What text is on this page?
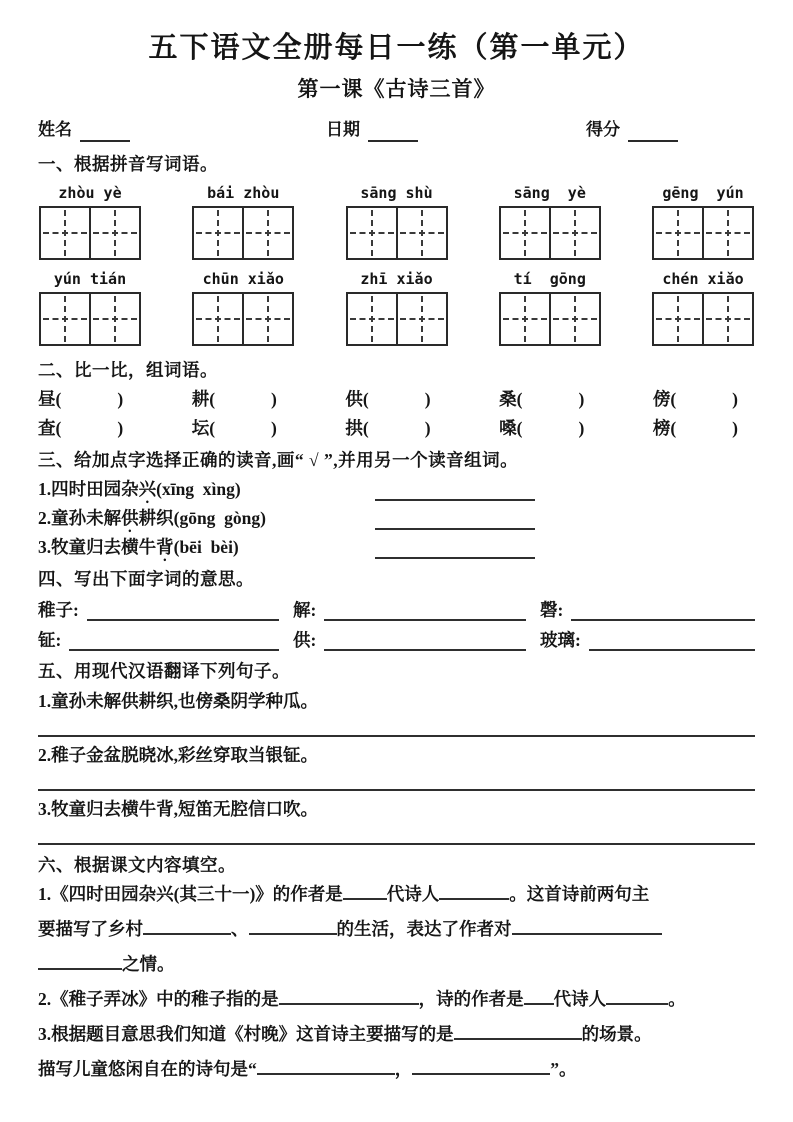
五下语文全册每日一练（第一单元）
第一课《古诗三首》
姓名	日期	得分
一、根据拼音写词语。
zhòu yè	bái zhòu	sāng shù	sāng  yè	gēng  yún
yún tián	chūn xiǎo	zhī xiǎo	tí  gōng	chén xiǎo
二、比一比，组词语。
昼 (	)	耕 (	)	供 (	)	桑 (	)	傍 (	)
查 (	)	坛 (	)	拱 (	)	嗓 (	)	榜 (	)
三、给加点字选择正确的读音,画“ √ ”,并用另一个读音组词。
1.四时田园杂兴(xīng  xìng)
2.童孙未解供耕织(gōng  gòng)
3.牧童归去横牛背(bēi  bèi)
四、写出下面字词的意思。
稚子:	解:	磬:
钲:	供:	玻璃:
五、用现代汉语翻译下列句子。
1.童孙未解供耕织,也傍桑阴学种瓜。
2.稚子金盆脱晓冰,彩丝穿取当银钲。
3.牧童归去横牛背,短笛无腔信口吹。
六、根据课文内容填空。
1.《四时田园杂兴(其三十一)》的作者是	代诗人	。这首诗前两句主
要描写了乡村	、	的生活，表达了作者对
之情。
2.《稚子弄冰》中的稚子指的是	，诗的作者是 代诗人	。
3.根据题目意思我们知道《村晚》这首诗主要描写的是	的场景。
描写儿童悠闲自在的诗句是“	，	”。
